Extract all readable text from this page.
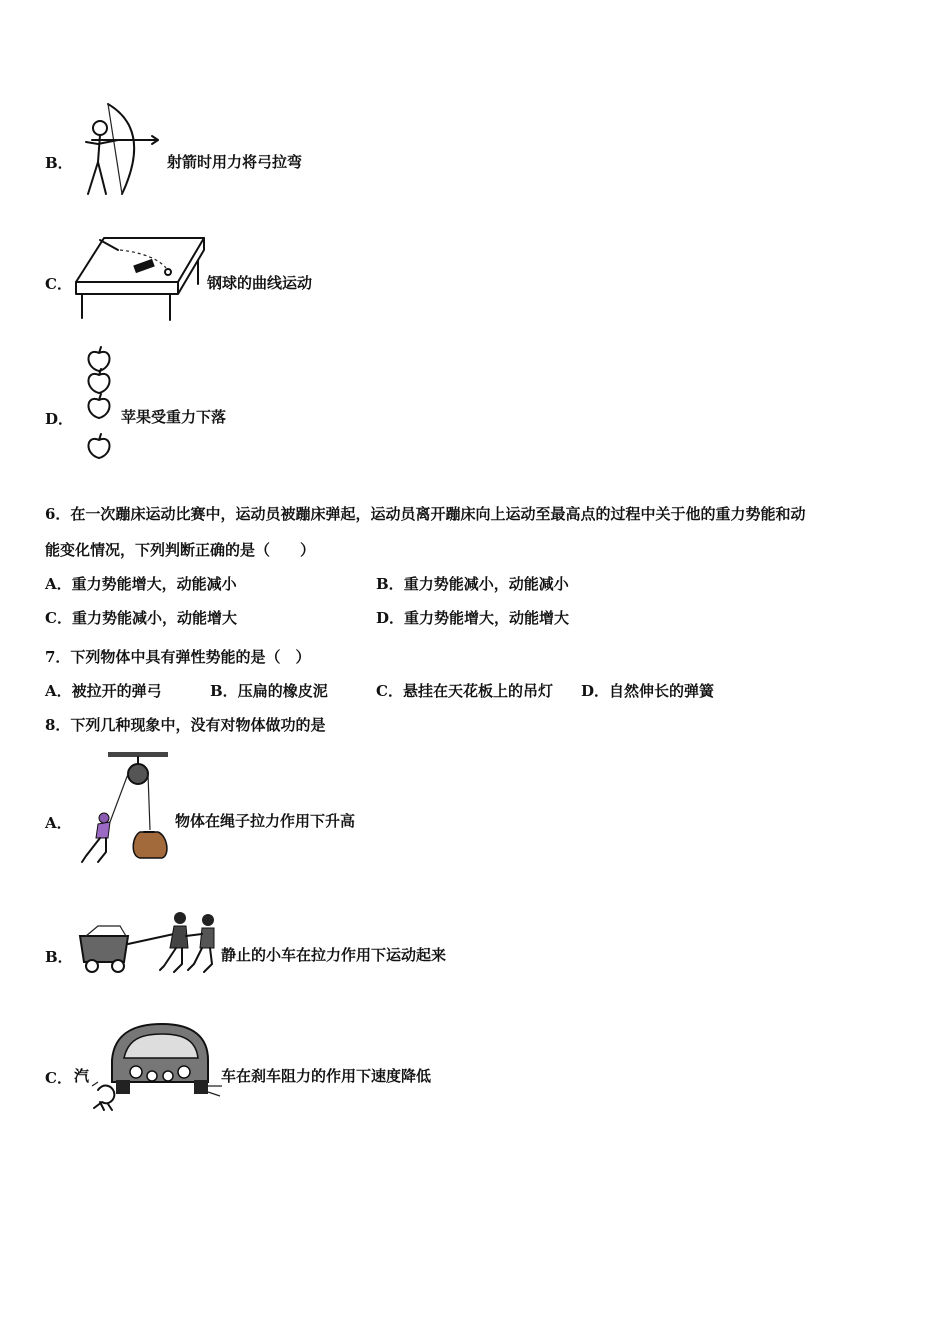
B．	射箭时用力将弓拉弯
C．	钢球的曲线运动
D．	苹果受重力下落
6．在一次蹦床运动比赛中，运动员被蹦床弹起，运动员离开蹦床向上运动至最高点的过程中关于他的重力势能和动
能变化情况，下列判断正确的是（　　）
A．重力势能增大，动能减小	B．重力势能减小，动能减小
C．重力势能减小，动能增大	D．重力势能增大，动能增大
7．下列物体中具有弹性势能的是（　）
A．被拉开的弹弓	B．压扁的橡皮泥	C．悬挂在天花板上的吊灯 D．自然伸长的弹簧
8．下列几种现象中，没有对物体做功的是
A．	物体在绳子拉力作用下升高
B．	静止的小车在拉力作用下运动起来
C． 汽	车在刹车阻力的作用下速度降低
